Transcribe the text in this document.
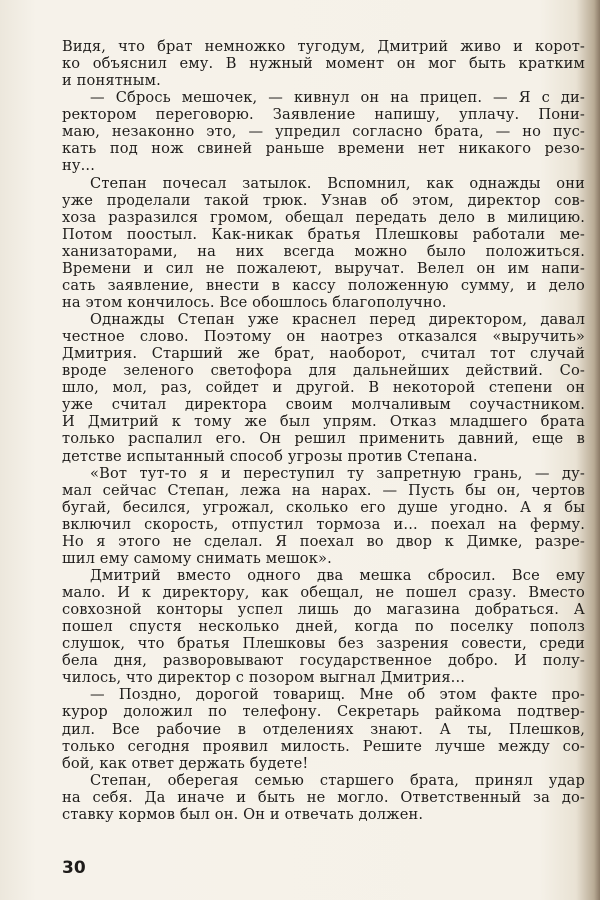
Видя, что брат немножко тугодум, Дмитрий живо и корот-
ко объяснил ему. В нужный момент он мог быть кратким
и понятным.
— Сбрось мешочек, — кивнул он на прицеп. — Я с ди-
ректором переговорю. Заявление напишу, уплачу. Пони-
маю, незаконно это, — упредил согласно брата, — но пус-
кать под нож свиней раньше времени нет никакого резо-
ну...
Степан почесал затылок. Вспомнил, как однажды они
уже проделали такой трюк. Узнав об этом, директор сов-
хоза разразился громом, обещал передать дело в милицию.
Потом поостыл. Как-никак братья Плешковы работали ме-
ханизаторами, на них всегда можно было положиться.
Времени и сил не пожалеют, выручат. Велел он им напи-
сать заявление, внести в кассу положенную сумму, и дело
на этом кончилось. Все обошлось благополучно.
Однажды Степан уже краснел перед директором, давал
честное слово. Поэтому он наотрез отказался «выручить»
Дмитрия. Старший же брат, наоборот, считал тот случай
вроде зеленого светофора для дальнейших действий. Со-
шло, мол, раз, сойдет и другой. В некоторой степени он
уже считал директора своим молчаливым соучастником.
И Дмитрий к тому же был упрям. Отказ младшего брата
только распалил его. Он решил применить давний, еще в
детстве испытанный способ угрозы против Степана.
«Вот тут-то я и переступил ту запретную грань, — ду-
мал сейчас Степан, лежа на нарах. — Пусть бы он, чертов
бугай, бесился, угрожал, сколько его душе угодно. А я бы
включил скорость, отпустил тормоза и... поехал на ферму.
Но я этого не сделал. Я поехал во двор к Димке, разре-
шил ему самому снимать мешок».
Дмитрий вместо одного два мешка сбросил. Все ему
мало. И к директору, как обещал, не пошел сразу. Вместо
совхозной конторы успел лишь до магазина добраться. А
пошел спустя несколько дней, когда по поселку пополз
слушок, что братья Плешковы без зазрения совести, среди
бела дня, разворовывают государственное добро. И полу-
чилось, что директор с позором выгнал Дмитрия...
— Поздно, дорогой товарищ. Мне об этом факте про-
курор доложил по телефону. Секретарь райкома подтвер-
дил. Все рабочие в отделениях знают. А ты, Плешков,
только сегодня проявил милость. Решите лучше между со-
бой, как ответ держать будете!
Степан, оберегая семью старшего брата, принял удар
на себя. Да иначе и быть не могло. Ответственный за до-
ставку кормов был он. Он и отвечать должен.
30
